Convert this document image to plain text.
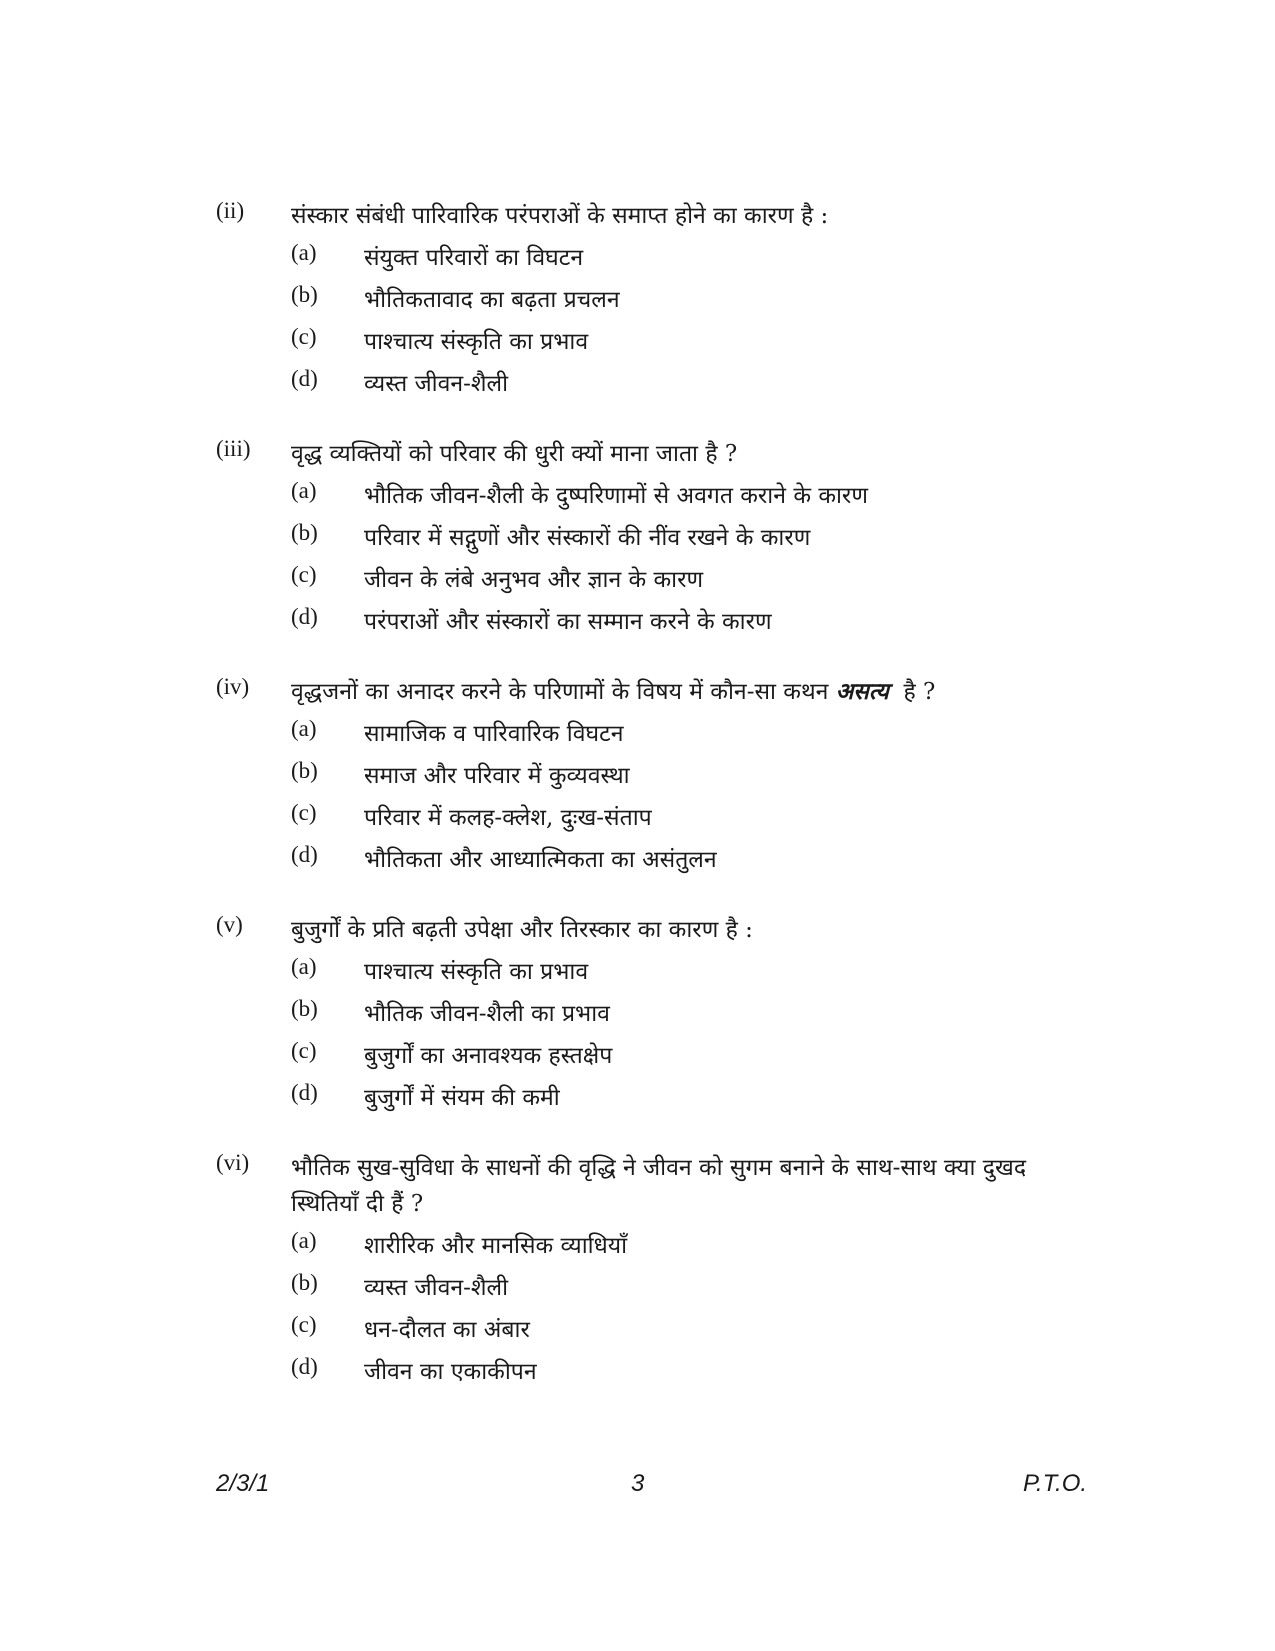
(ii) संस्कार संबंधी पारिवारिक परंपराओं के समाप्त होने का कारण है :
(a) संयुक्त परिवारों का विघटन
(b) भौतिकतावाद का बढ़ता प्रचलन
(c) पाश्चात्य संस्कृति का प्रभाव
(d) व्यस्त जीवन-शैली
(iii) वृद्ध व्यक्तियों को परिवार की धुरी क्यों माना जाता है ?
(a) भौतिक जीवन-शैली के दुष्परिणामों से अवगत कराने के कारण
(b) परिवार में सद्गुणों और संस्कारों की नींव रखने के कारण
(c) जीवन के लंबे अनुभव और ज्ञान के कारण
(d) परंपराओं और संस्कारों का सम्मान करने के कारण
(iv) वृद्धजनों का अनादर करने के परिणामों के विषय में कौन-सा कथन असत्य है ?
(a) सामाजिक व पारिवारिक विघटन
(b) समाज और परिवार में कुव्यवस्था
(c) परिवार में कलह-क्लेश, दुःख-संताप
(d) भौतिकता और आध्यात्मिकता का असंतुलन
(v) बुजुर्गों के प्रति बढ़ती उपेक्षा और तिरस्कार का कारण है :
(a) पाश्चात्य संस्कृति का प्रभाव
(b) भौतिक जीवन-शैली का प्रभाव
(c) बुजुर्गों का अनावश्यक हस्तक्षेप
(d) बुजुर्गों में संयम की कमी
(vi) भौतिक सुख-सुविधा के साधनों की वृद्धि ने जीवन को सुगम बनाने के साथ-साथ क्या दुखद स्थितियाँ दी हैं ?
(a) शारीरिक और मानसिक व्याधियाँ
(b) व्यस्त जीवन-शैली
(c) धन-दौलत का अंबार
(d) जीवन का एकाकीपन
2/3/1	3	P.T.O.
